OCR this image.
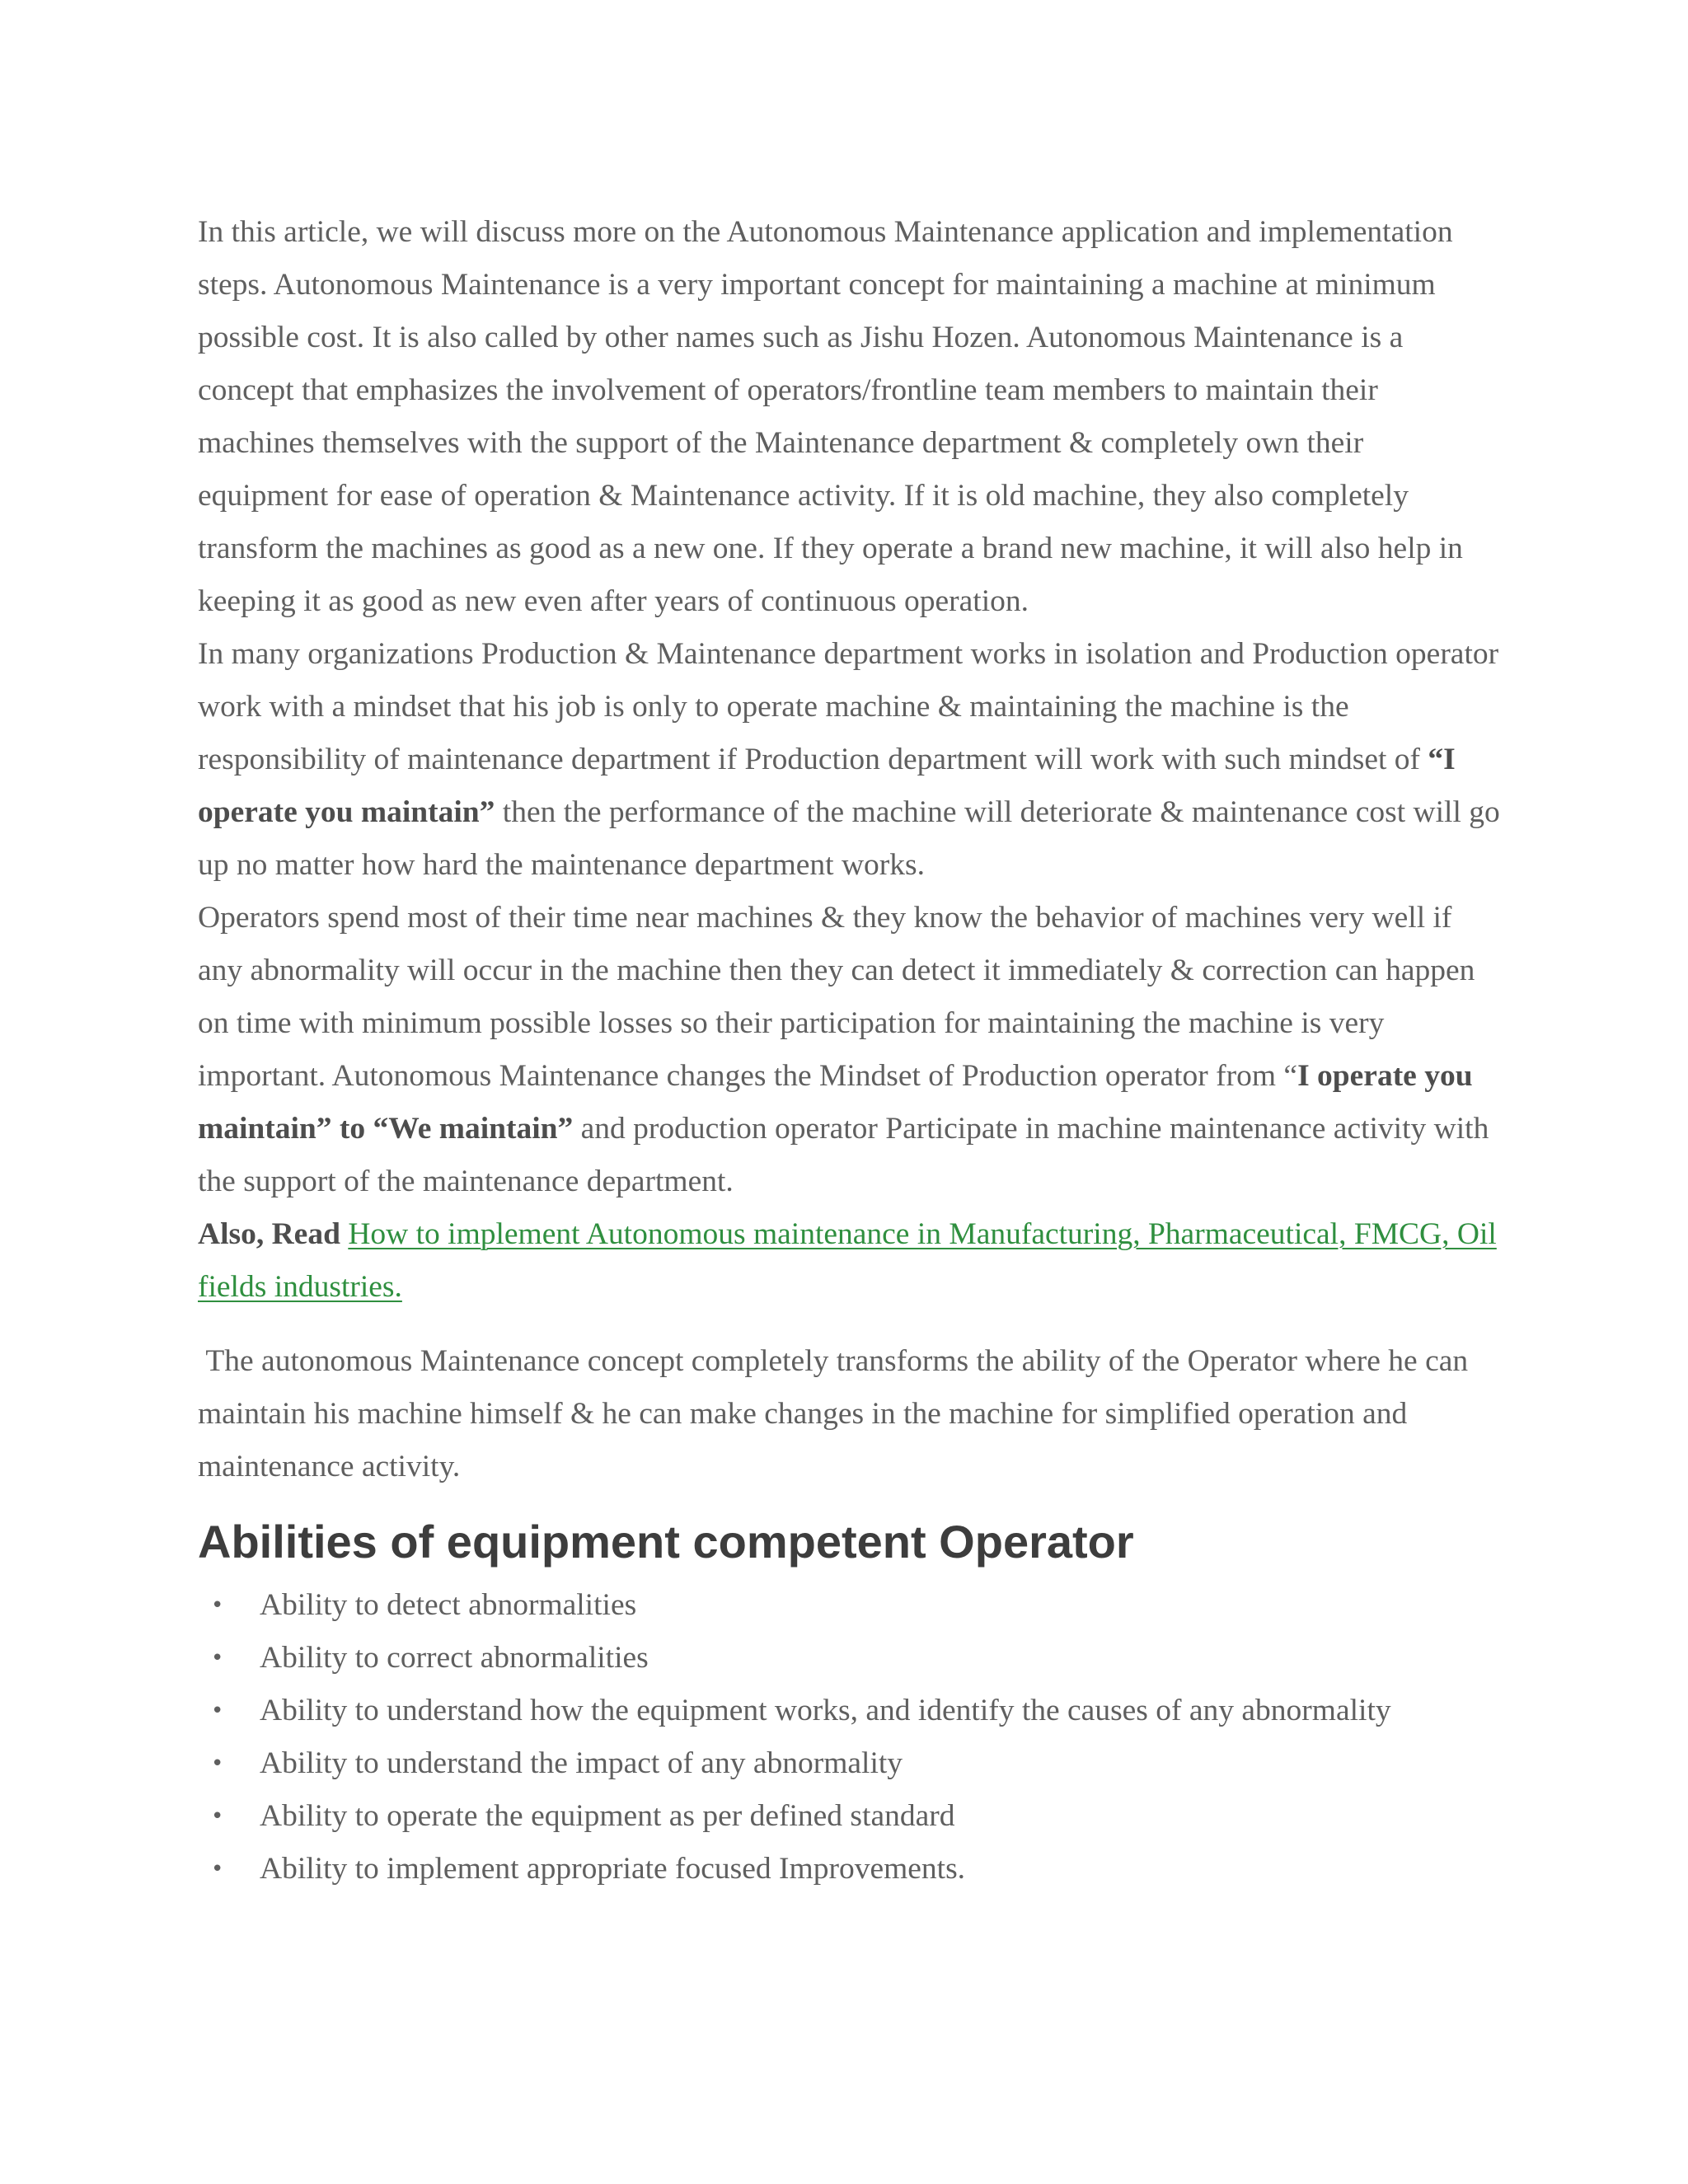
In this article, we will discuss more on the Autonomous Maintenance application and implementation steps. Autonomous Maintenance is a very important concept for maintaining a machine at minimum possible cost. It is also called by other names such as Jishu Hozen. Autonomous Maintenance is a concept that emphasizes the involvement of operators/frontline team members to maintain their machines themselves with the support of the Maintenance department & completely own their equipment for ease of operation & Maintenance activity. If it is old machine, they also completely transform the machines as good as a new one. If they operate a brand new machine, it will also help in keeping it as good as new even after years of continuous operation.

In many organizations Production & Maintenance department works in isolation and Production operator work with a mindset that his job is only to operate machine & maintaining the machine is the responsibility of maintenance department if Production department will work with such mindset of “I operate you maintain” then the performance of the machine will deteriorate & maintenance cost will go up no matter how hard the maintenance department works.

Operators spend most of their time near machines & they know the behavior of machines very well if any abnormality will occur in the machine then they can detect it immediately & correction can happen on time with minimum possible losses so their participation for maintaining the machine is very important. Autonomous Maintenance changes the Mindset of Production operator from “I operate you maintain” to “We maintain” and production operator Participate in machine maintenance activity with the support of the maintenance department.

Also, Read How to implement Autonomous maintenance in Manufacturing, Pharmaceutical, FMCG, Oil fields industries.

The autonomous Maintenance concept completely transforms the ability of the Operator where he can maintain his machine himself & he can make changes in the machine for simplified operation and maintenance activity.

Abilities of equipment competent Operator
• Ability to detect abnormalities
• Ability to correct abnormalities
• Ability to understand how the equipment works, and identify the causes of any abnormality
• Ability to understand the impact of any abnormality
• Ability to operate the equipment as per defined standard
• Ability to implement appropriate focused Improvements.
